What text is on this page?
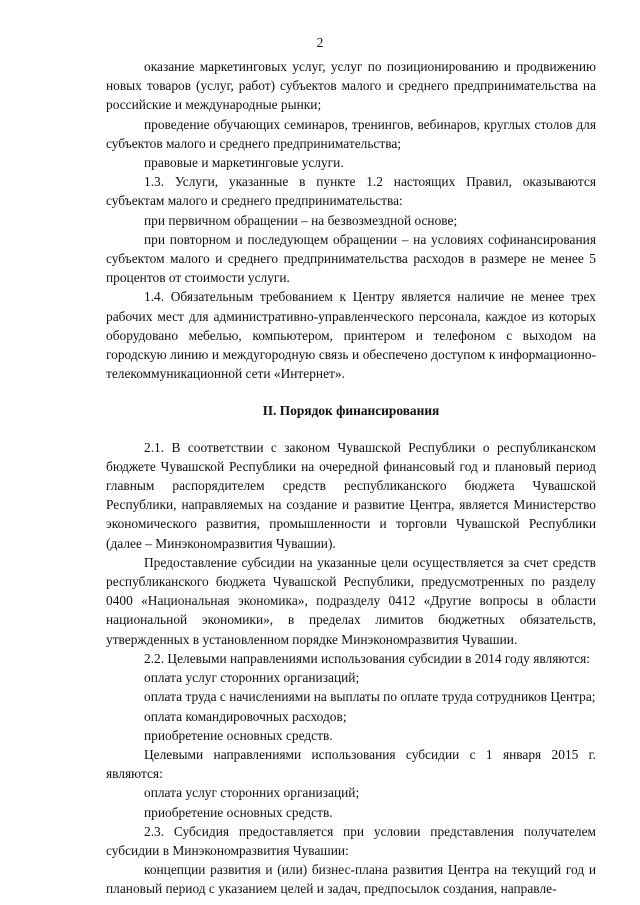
2

оказание маркетинговых услуг, услуг по позиционированию и продвижению новых товаров (услуг, работ) субъектов малого и среднего предпринимательства на российские и международные рынки;

проведение обучающих семинаров, тренингов, вебинаров, круглых столов для субъектов малого и среднего предпринимательства;

правовые и маркетинговые услуги.

1.3. Услуги, указанные в пункте 1.2 настоящих Правил, оказываются субъектам малого и среднего предпринимательства:

при первичном обращении – на безвозмездной основе;

при повторном и последующем обращении – на условиях софинансирования субъектом малого и среднего предпринимательства расходов в размере не менее 5 процентов от стоимости услуги.

1.4. Обязательным требованием к Центру является наличие не менее трех рабочих мест для административно-управленческого персонала, каждое из которых оборудовано мебелью, компьютером, принтером и телефоном с выходом на городскую линию и междугородную связь и обеспечено доступом к информационно-телекоммуникационной сети «Интернет».

II. Порядок финансирования

2.1. В соответствии с законом Чувашской Республики о республиканском бюджете Чувашской Республики на очередной финансовый год и плановый период главным распорядителем средств республиканского бюджета Чувашской Республики, направляемых на создание и развитие Центра, является Министерство экономического развития, промышленности и торговли Чувашской Республики (далее – Минэкономразвития Чувашии).

Предоставление субсидии на указанные цели осуществляется за счет средств республиканского бюджета Чувашской Республики, предусмотренных по разделу 0400 «Национальная экономика», подразделу 0412 «Другие вопросы в области национальной экономики», в пределах лимитов бюджетных обязательств, утвержденных в установленном порядке Минэкономразвития Чувашии.

2.2. Целевыми направлениями использования субсидии в 2014 году являются:

оплата услуг сторонних организаций;

оплата труда с начислениями на выплаты по оплате труда сотрудников Центра;

оплата командировочных расходов;

приобретение основных средств.

Целевыми направлениями использования субсидии с 1 января 2015 г. являются:

оплата услуг сторонних организаций;

приобретение основных средств.

2.3. Субсидия предоставляется при условии представления получателем субсидии в Минэкономразвития Чувашии:

концепции развития и (или) бизнес-плана развития Центра на текущий год и плановый период с указанием целей и задач, предпосылок создания, направле-
